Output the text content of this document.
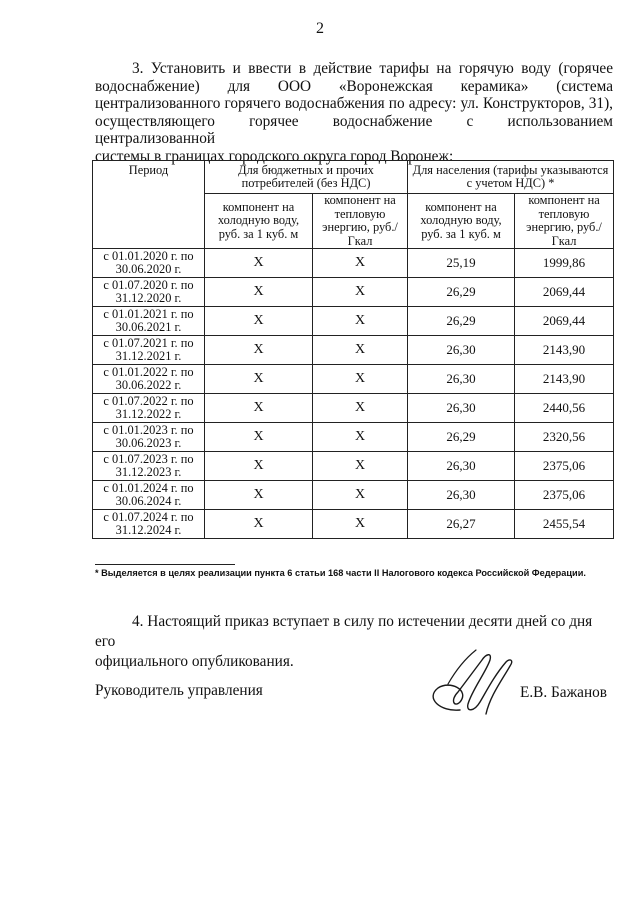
2
3. Установить и ввести в действие тарифы на горячую воду (горячее
водоснабжение) для ООО «Воронежская керамика» (система
централизованного горячего водоснабжения по адресу: ул. Конструкторов, 31),
осуществляющего горячее водоснабжение с использованием централизованной
системы в границах городского округа город Воронеж:
Период	Для бюджетных и прочих потребителей (без НДС)		Для населения (тарифы указываются с учетом НДС) *	
	компонент на холодную воду, руб. за 1 куб. м	компонент на тепловую энергию, руб./Гкал	компонент на холодную воду, руб. за 1 куб. м	компонент на тепловую энергию, руб./Гкал
с 01.01.2020 г. по
30.06.2020 г.	X	X	25,19	1999,86
с 01.07.2020 г. по
31.12.2020 г.	X	X	26,29	2069,44
с 01.01.2021 г. по
30.06.2021 г.	X	X	26,29	2069,44
с 01.07.2021 г. по
31.12.2021 г.	X	X	26,30	2143,90
с 01.01.2022 г. по
30.06.2022 г.	X	X	26,30	2143,90
с 01.07.2022 г. по
31.12.2022 г.	X	X	26,30	2440,56
с 01.01.2023 г. по
30.06.2023 г.	X	X	26,29	2320,56
с 01.07.2023 г. по
31.12.2023 г.	X	X	26,30	2375,06
с 01.01.2024 г. по
30.06.2024 г.	X	X	26,30	2375,06
с 01.07.2024 г. по
31.12.2024 г.	X	X	26,27	2455,54
* Выделяется в целях реализации пункта 6 статьи 168 части II Налогового кодекса Российской Федерации.
4. Настоящий приказ вступает в силу по истечении десяти дней со дня его
официального опубликования.
Руководитель управления	Е.В. Бажанов
